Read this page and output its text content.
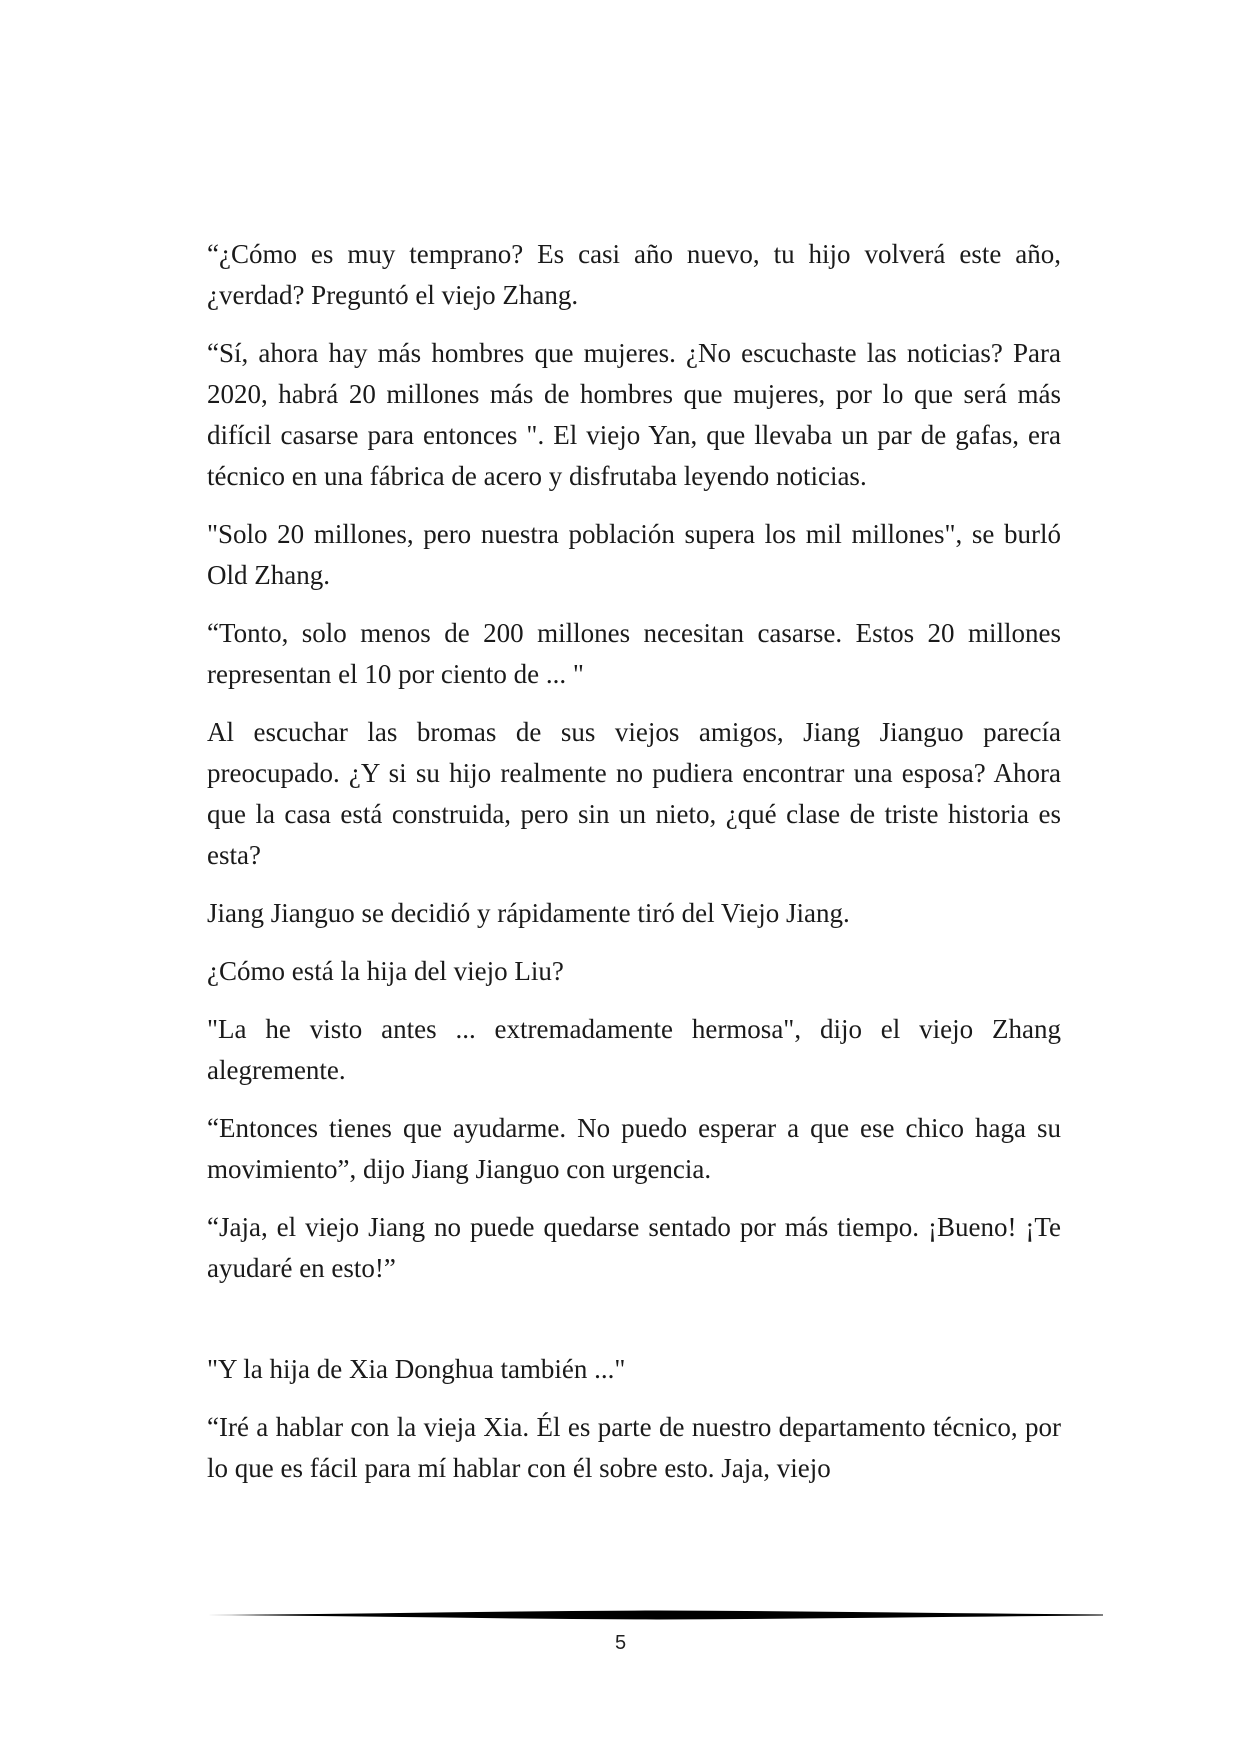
“¿Cómo es muy temprano? Es casi año nuevo, tu hijo volverá este año, ¿verdad? Preguntó el viejo Zhang.

“Sí, ahora hay más hombres que mujeres. ¿No escuchaste las noticias? Para 2020, habrá 20 millones más de hombres que mujeres, por lo que será más difícil casarse para entonces ". El viejo Yan, que llevaba un par de gafas, era técnico en una fábrica de acero y disfrutaba leyendo noticias.

"Solo 20 millones, pero nuestra población supera los mil millones", se burló Old Zhang.

“Tonto, solo menos de 200 millones necesitan casarse. Estos 20 millones representan el 10 por ciento de ... "

Al escuchar las bromas de sus viejos amigos, Jiang Jianguo parecía preocupado. ¿Y si su hijo realmente no pudiera encontrar una esposa? Ahora que la casa está construida, pero sin un nieto, ¿qué clase de triste historia es esta?

Jiang Jianguo se decidió y rápidamente tiró del Viejo Jiang.

¿Cómo está la hija del viejo Liu?

"La he visto antes ... extremadamente hermosa", dijo el viejo Zhang alegremente.

“Entonces tienes que ayudarme. No puedo esperar a que ese chico haga su movimiento”, dijo Jiang Jianguo con urgencia.

“Jaja, el viejo Jiang no puede quedarse sentado por más tiempo. ¡Bueno! ¡Te ayudaré en esto!”

"Y la hija de Xia Donghua también ..."

“Iré a hablar con la vieja Xia. Él es parte de nuestro departamento técnico, por lo que es fácil para mí hablar con él sobre esto. Jaja, viejo

5
